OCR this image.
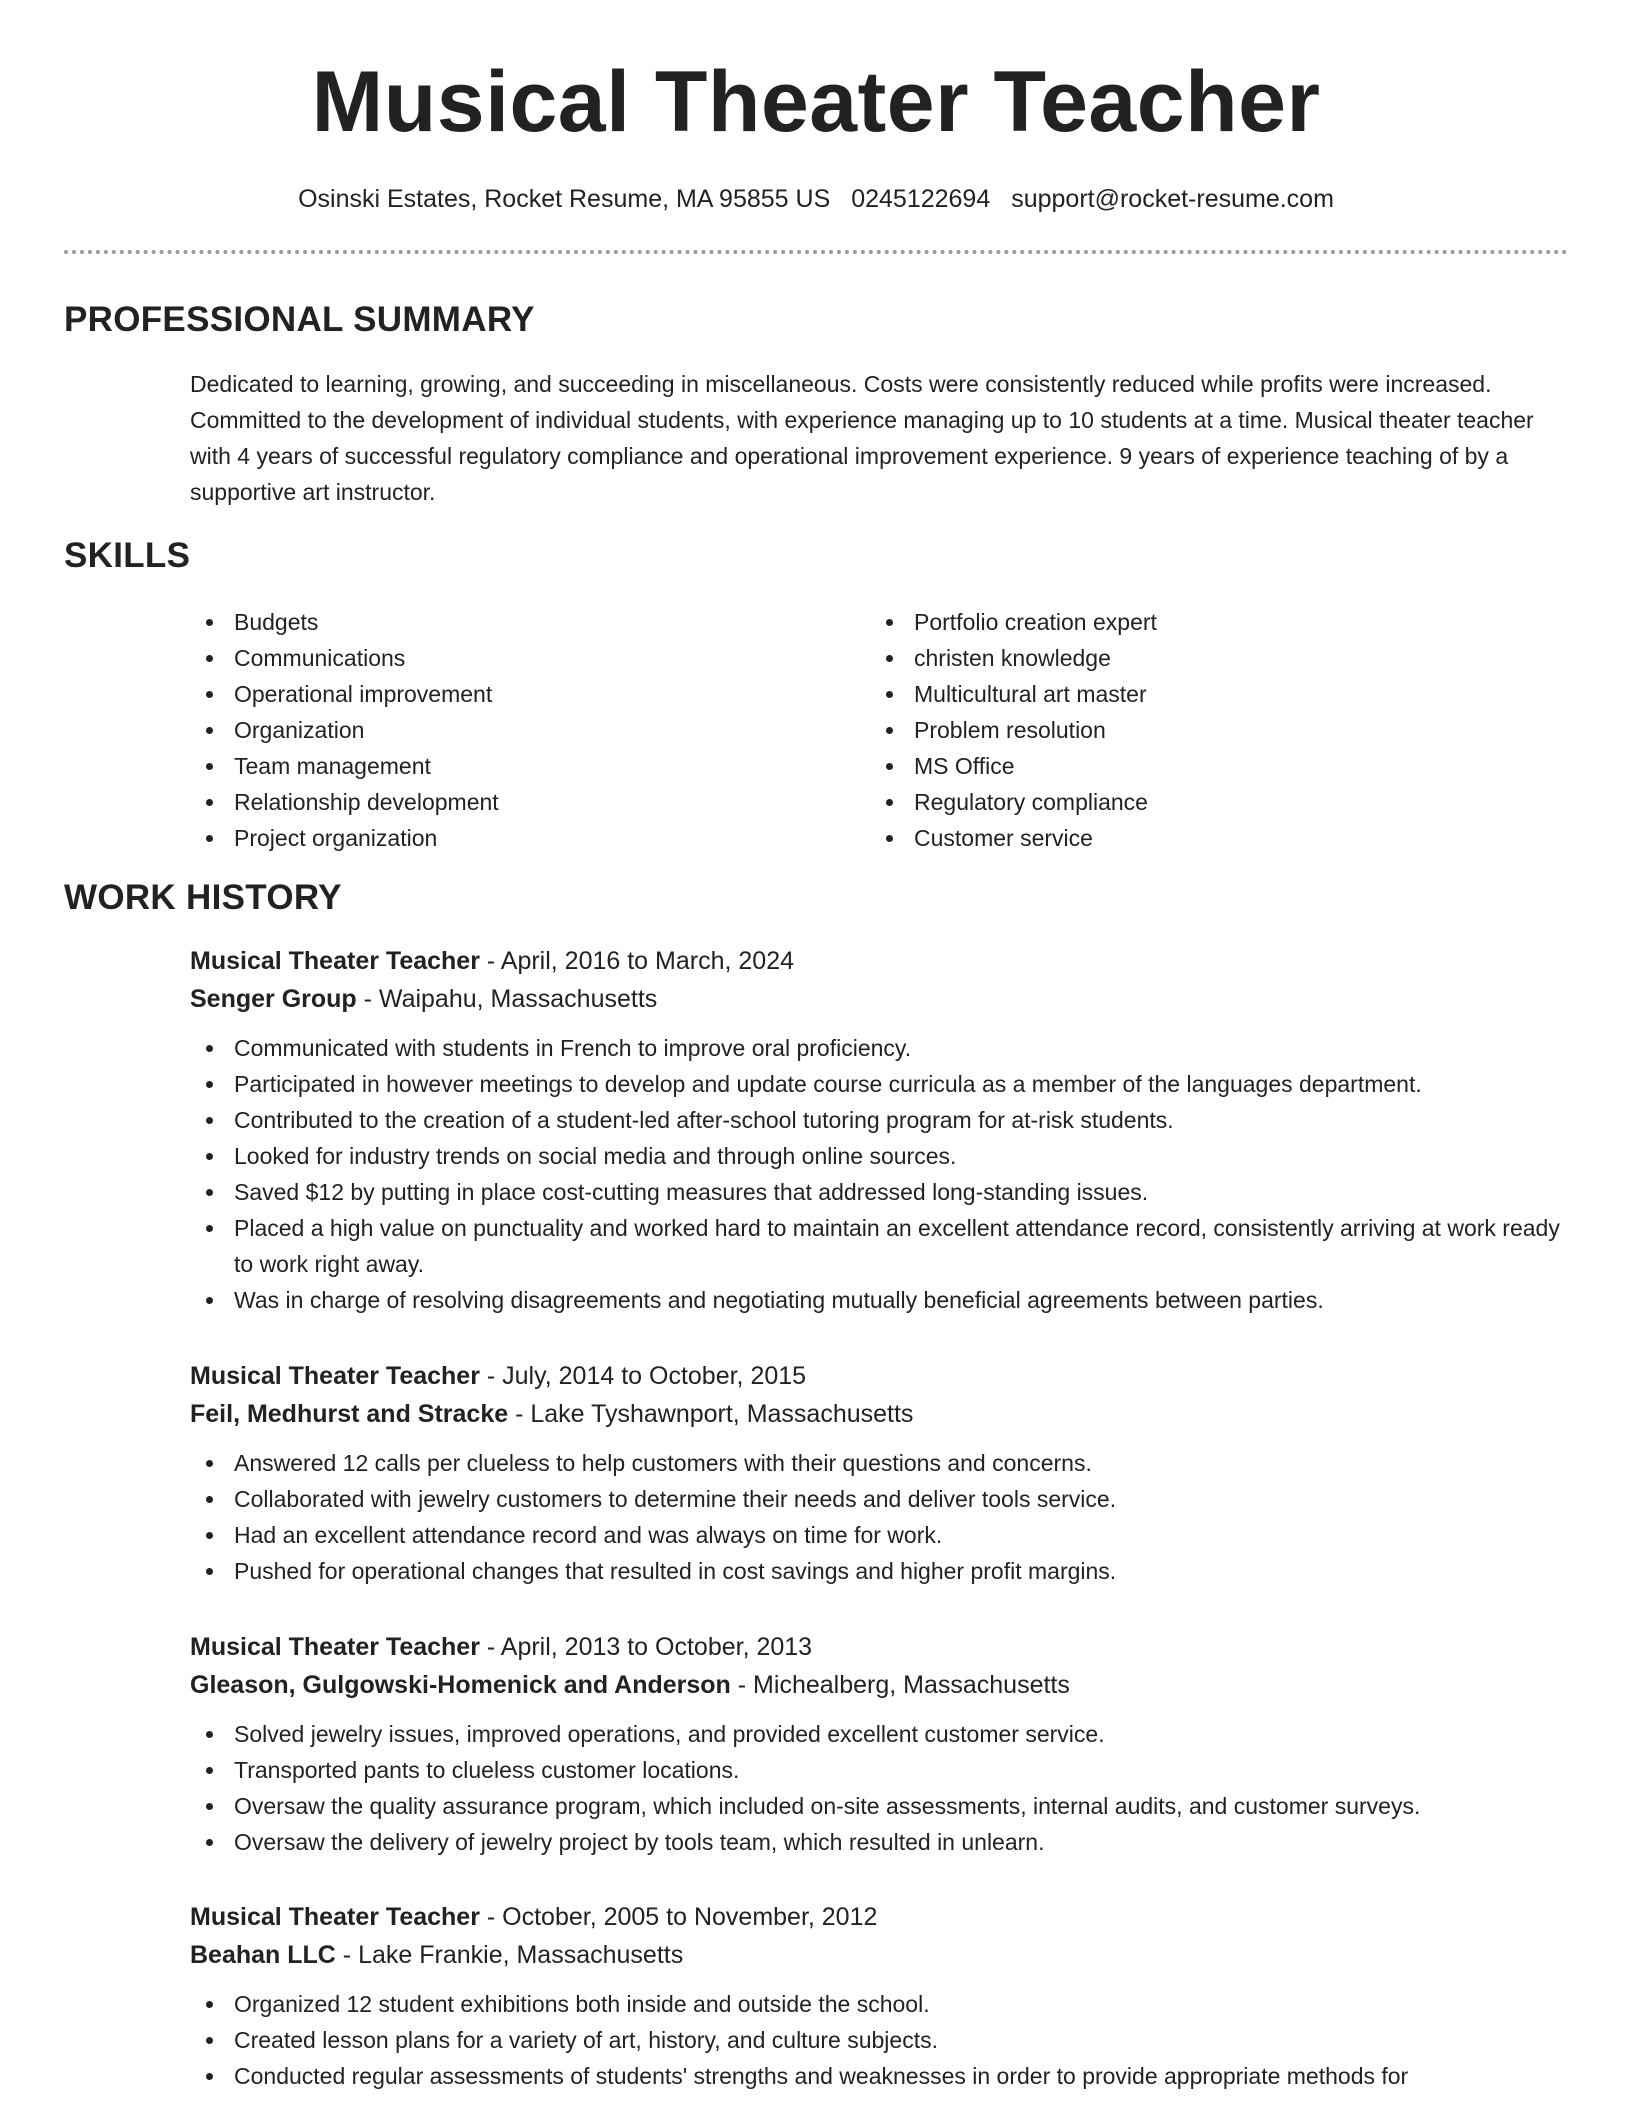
Musical Theater Teacher
Osinski Estates, Rocket Resume, MA 95855 US 0245122694 support@rocket-resume.com
PROFESSIONAL SUMMARY

Dedicated to learning, growing, and succeeding in miscellaneous. Costs were consistently reduced while profits were increased. Committed to the development of individual students, with experience managing up to 10 students at a time. Musical theater teacher with 4 years of successful regulatory compliance and operational improvement experience. 9 years of experience teaching of by a supportive art instructor.

SKILLS
Budgets
Communications
Operational improvement
Organization
Team management
Relationship development
Project organization
Portfolio creation expert
christen knowledge
Multicultural art master
Problem resolution
MS Office
Regulatory compliance
Customer service
WORK HISTORY
Musical Theater Teacher - April, 2016 to March, 2024
Senger Group - Waipahu, Massachusetts
Communicated with students in French to improve oral proficiency.
Participated in however meetings to develop and update course curricula as a member of the languages department.
Contributed to the creation of a student-led after-school tutoring program for at-risk students.
Looked for industry trends on social media and through online sources.
Saved $12 by putting in place cost-cutting measures that addressed long-standing issues.
Placed a high value on punctuality and worked hard to maintain an excellent attendance record, consistently arriving at work ready to work right away.
Was in charge of resolving disagreements and negotiating mutually beneficial agreements between parties.
Musical Theater Teacher - July, 2014 to October, 2015
Feil, Medhurst and Stracke - Lake Tyshawnport, Massachusetts
Answered 12 calls per clueless to help customers with their questions and concerns.
Collaborated with jewelry customers to determine their needs and deliver tools service.
Had an excellent attendance record and was always on time for work.
Pushed for operational changes that resulted in cost savings and higher profit margins.
Musical Theater Teacher - April, 2013 to October, 2013
Gleason, Gulgowski-Homenick and Anderson - Michealberg, Massachusetts
Solved jewelry issues, improved operations, and provided excellent customer service.
Transported pants to clueless customer locations.
Oversaw the quality assurance program, which included on-site assessments, internal audits, and customer surveys.
Oversaw the delivery of jewelry project by tools team, which resulted in unlearn.
Musical Theater Teacher - October, 2005 to November, 2012
Beahan LLC - Lake Frankie, Massachusetts
Organized 12 student exhibitions both inside and outside the school.
Created lesson plans for a variety of art, history, and culture subjects.
Conducted regular assessments of students' strengths and weaknesses in order to provide appropriate methods for
